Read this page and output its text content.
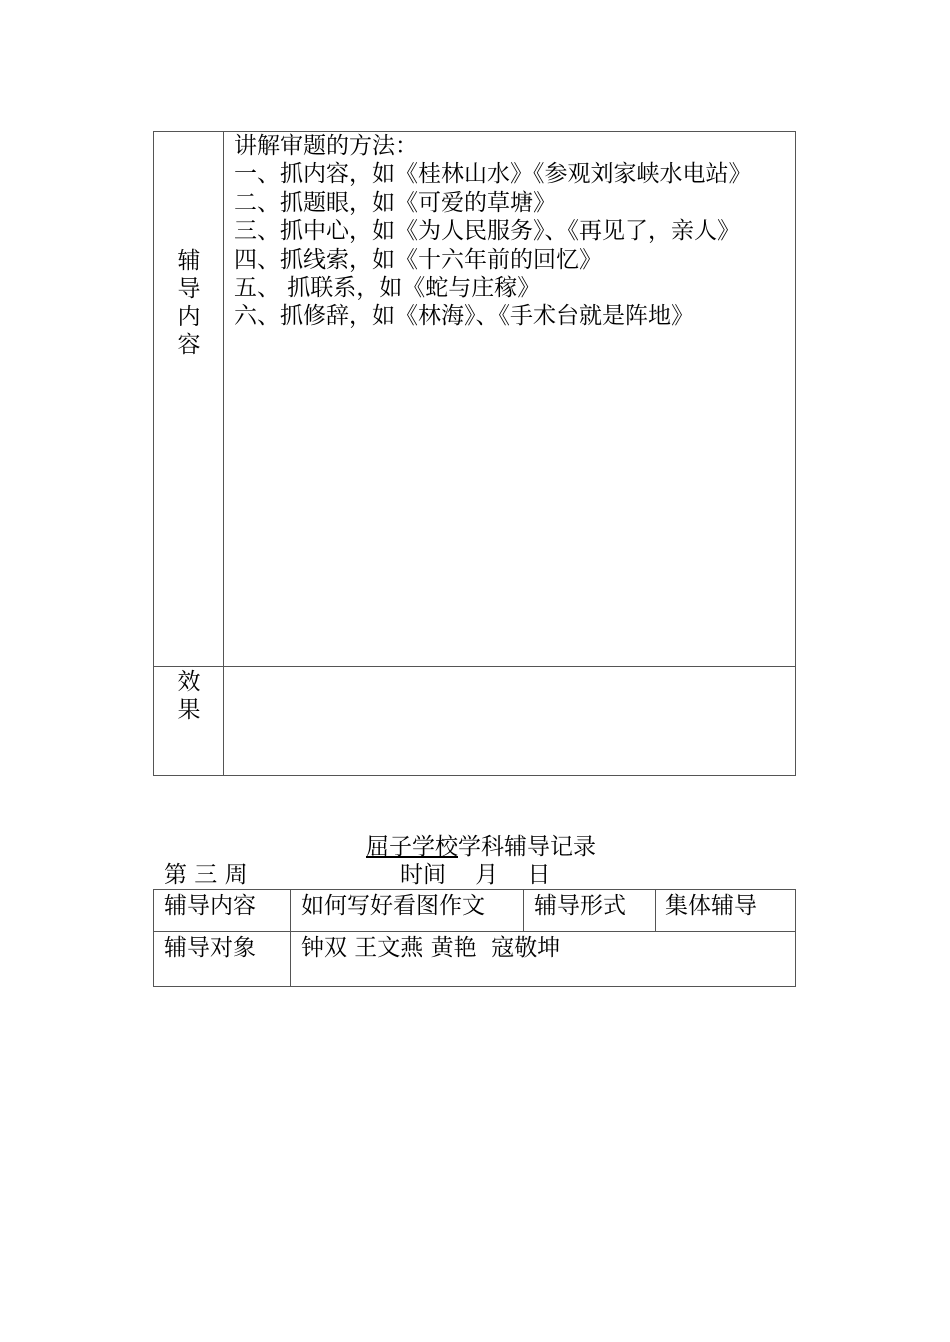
辅
导
内
容
讲解审题的方法：
一、抓内容，如《桂林山水》《参观刘家峡水电站》
二、抓题眼，如《可爱的草塘》
三、抓中心，如《为人民服务》、《再见了，亲人》
四、抓线索，如《十六年前的回忆》
五、 抓联系，如《蛇与庄稼》
六、抓修辞，如《林海》、《手术台就是阵地》
效
果
屈子学校学科辅导记录
第 三 周	时间    月    日
辅导内容 如何写好看图作文 辅导形式 集体辅导
辅导对象 钟双 王文燕 黄艳  寇敬坤
